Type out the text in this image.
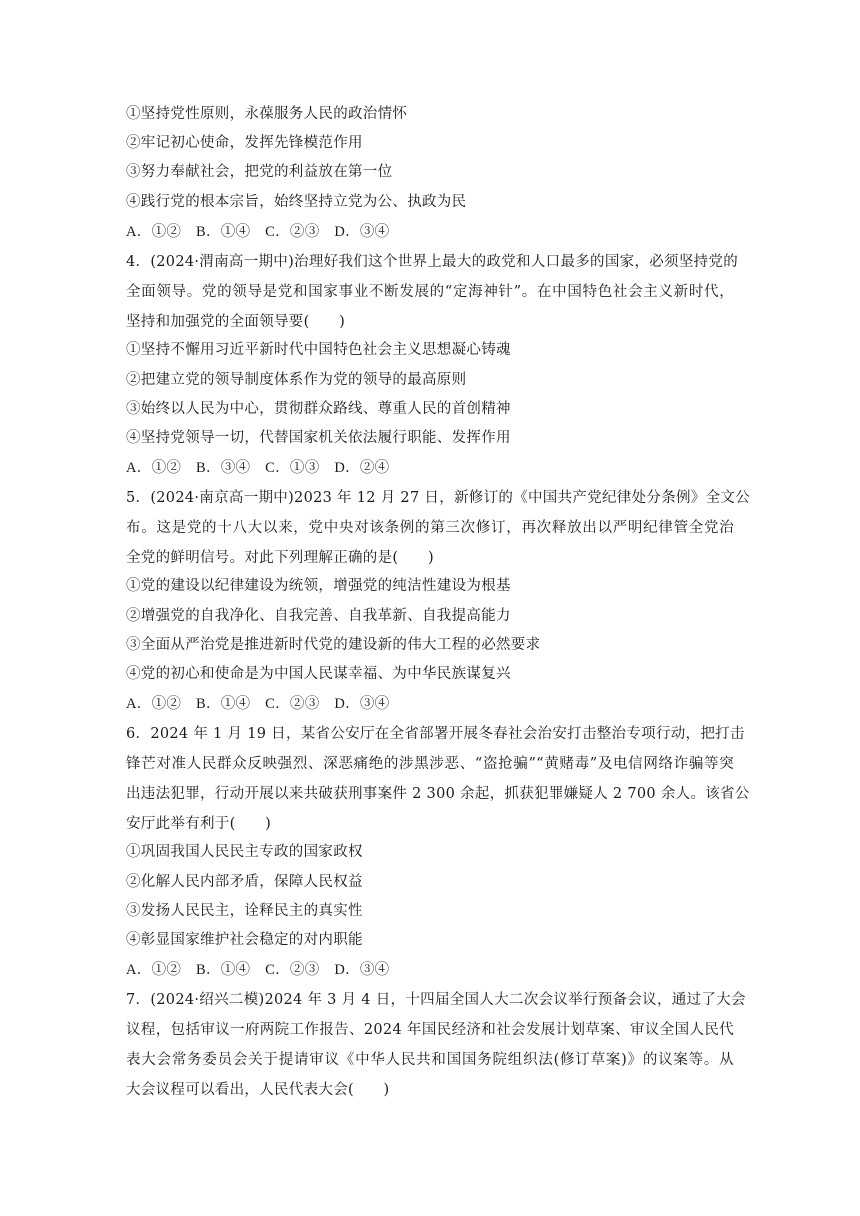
①坚持党性原则，永葆服务人民的政治情怀
②牢记初心使命，发挥先锋模范作用
③努力奉献社会，把党的利益放在第一位
④践行党的根本宗旨，始终坚持立党为公、执政为民
A．①②　B．①④　C．②③　D．③④
4．(2024·渭南高一期中)治理好我们这个世界上最大的政党和人口最多的国家，必须坚持党的
全面领导。党的领导是党和国家事业不断发展的“定海神针”。在中国特色社会主义新时代，
坚持和加强党的全面领导要(　　)
①坚持不懈用习近平新时代中国特色社会主义思想凝心铸魂
②把建立党的领导制度体系作为党的领导的最高原则
③始终以人民为中心，贯彻群众路线、尊重人民的首创精神
④坚持党领导一切，代替国家机关依法履行职能、发挥作用
A．①②　B．③④　C．①③　D．②④
5．(2024·南京高一期中)2023 年 12 月 27 日，新修订的《中国共产党纪律处分条例》全文公
布。这是党的十八大以来，党中央对该条例的第三次修订，再次释放出以严明纪律管全党治
全党的鲜明信号。对此下列理解正确的是(　　)
①党的建设以纪律建设为统领，增强党的纯洁性建设为根基
②增强党的自我净化、自我完善、自我革新、自我提高能力
③全面从严治党是推进新时代党的建设新的伟大工程的必然要求
④党的初心和使命是为中国人民谋幸福、为中华民族谋复兴
A．①②　B．①④　C．②③　D．③④
6．2024 年 1 月 19 日，某省公安厅在全省部署开展冬春社会治安打击整治专项行动，把打击
锋芒对准人民群众反映强烈、深恶痛绝的涉黑涉恶、“盗抢骗”“黄赌毒”及电信网络诈骗等突
出违法犯罪，行动开展以来共破获刑事案件 2 300 余起，抓获犯罪嫌疑人 2 700 余人。该省公
安厅此举有利于(　　)
①巩固我国人民民主专政的国家政权
②化解人民内部矛盾，保障人民权益
③发扬人民民主，诠释民主的真实性
④彰显国家维护社会稳定的对内职能
A．①②　B．①④　C．②③　D．③④
7．(2024·绍兴二模)2024 年 3 月 4 日，十四届全国人大二次会议举行预备会议，通过了大会
议程，包括审议一府两院工作报告、2024 年国民经济和社会发展计划草案、审议全国人民代
表大会常务委员会关于提请审议《中华人民共和国国务院组织法(修订草案)》的议案等。从
大会议程可以看出，人民代表大会(　　)
